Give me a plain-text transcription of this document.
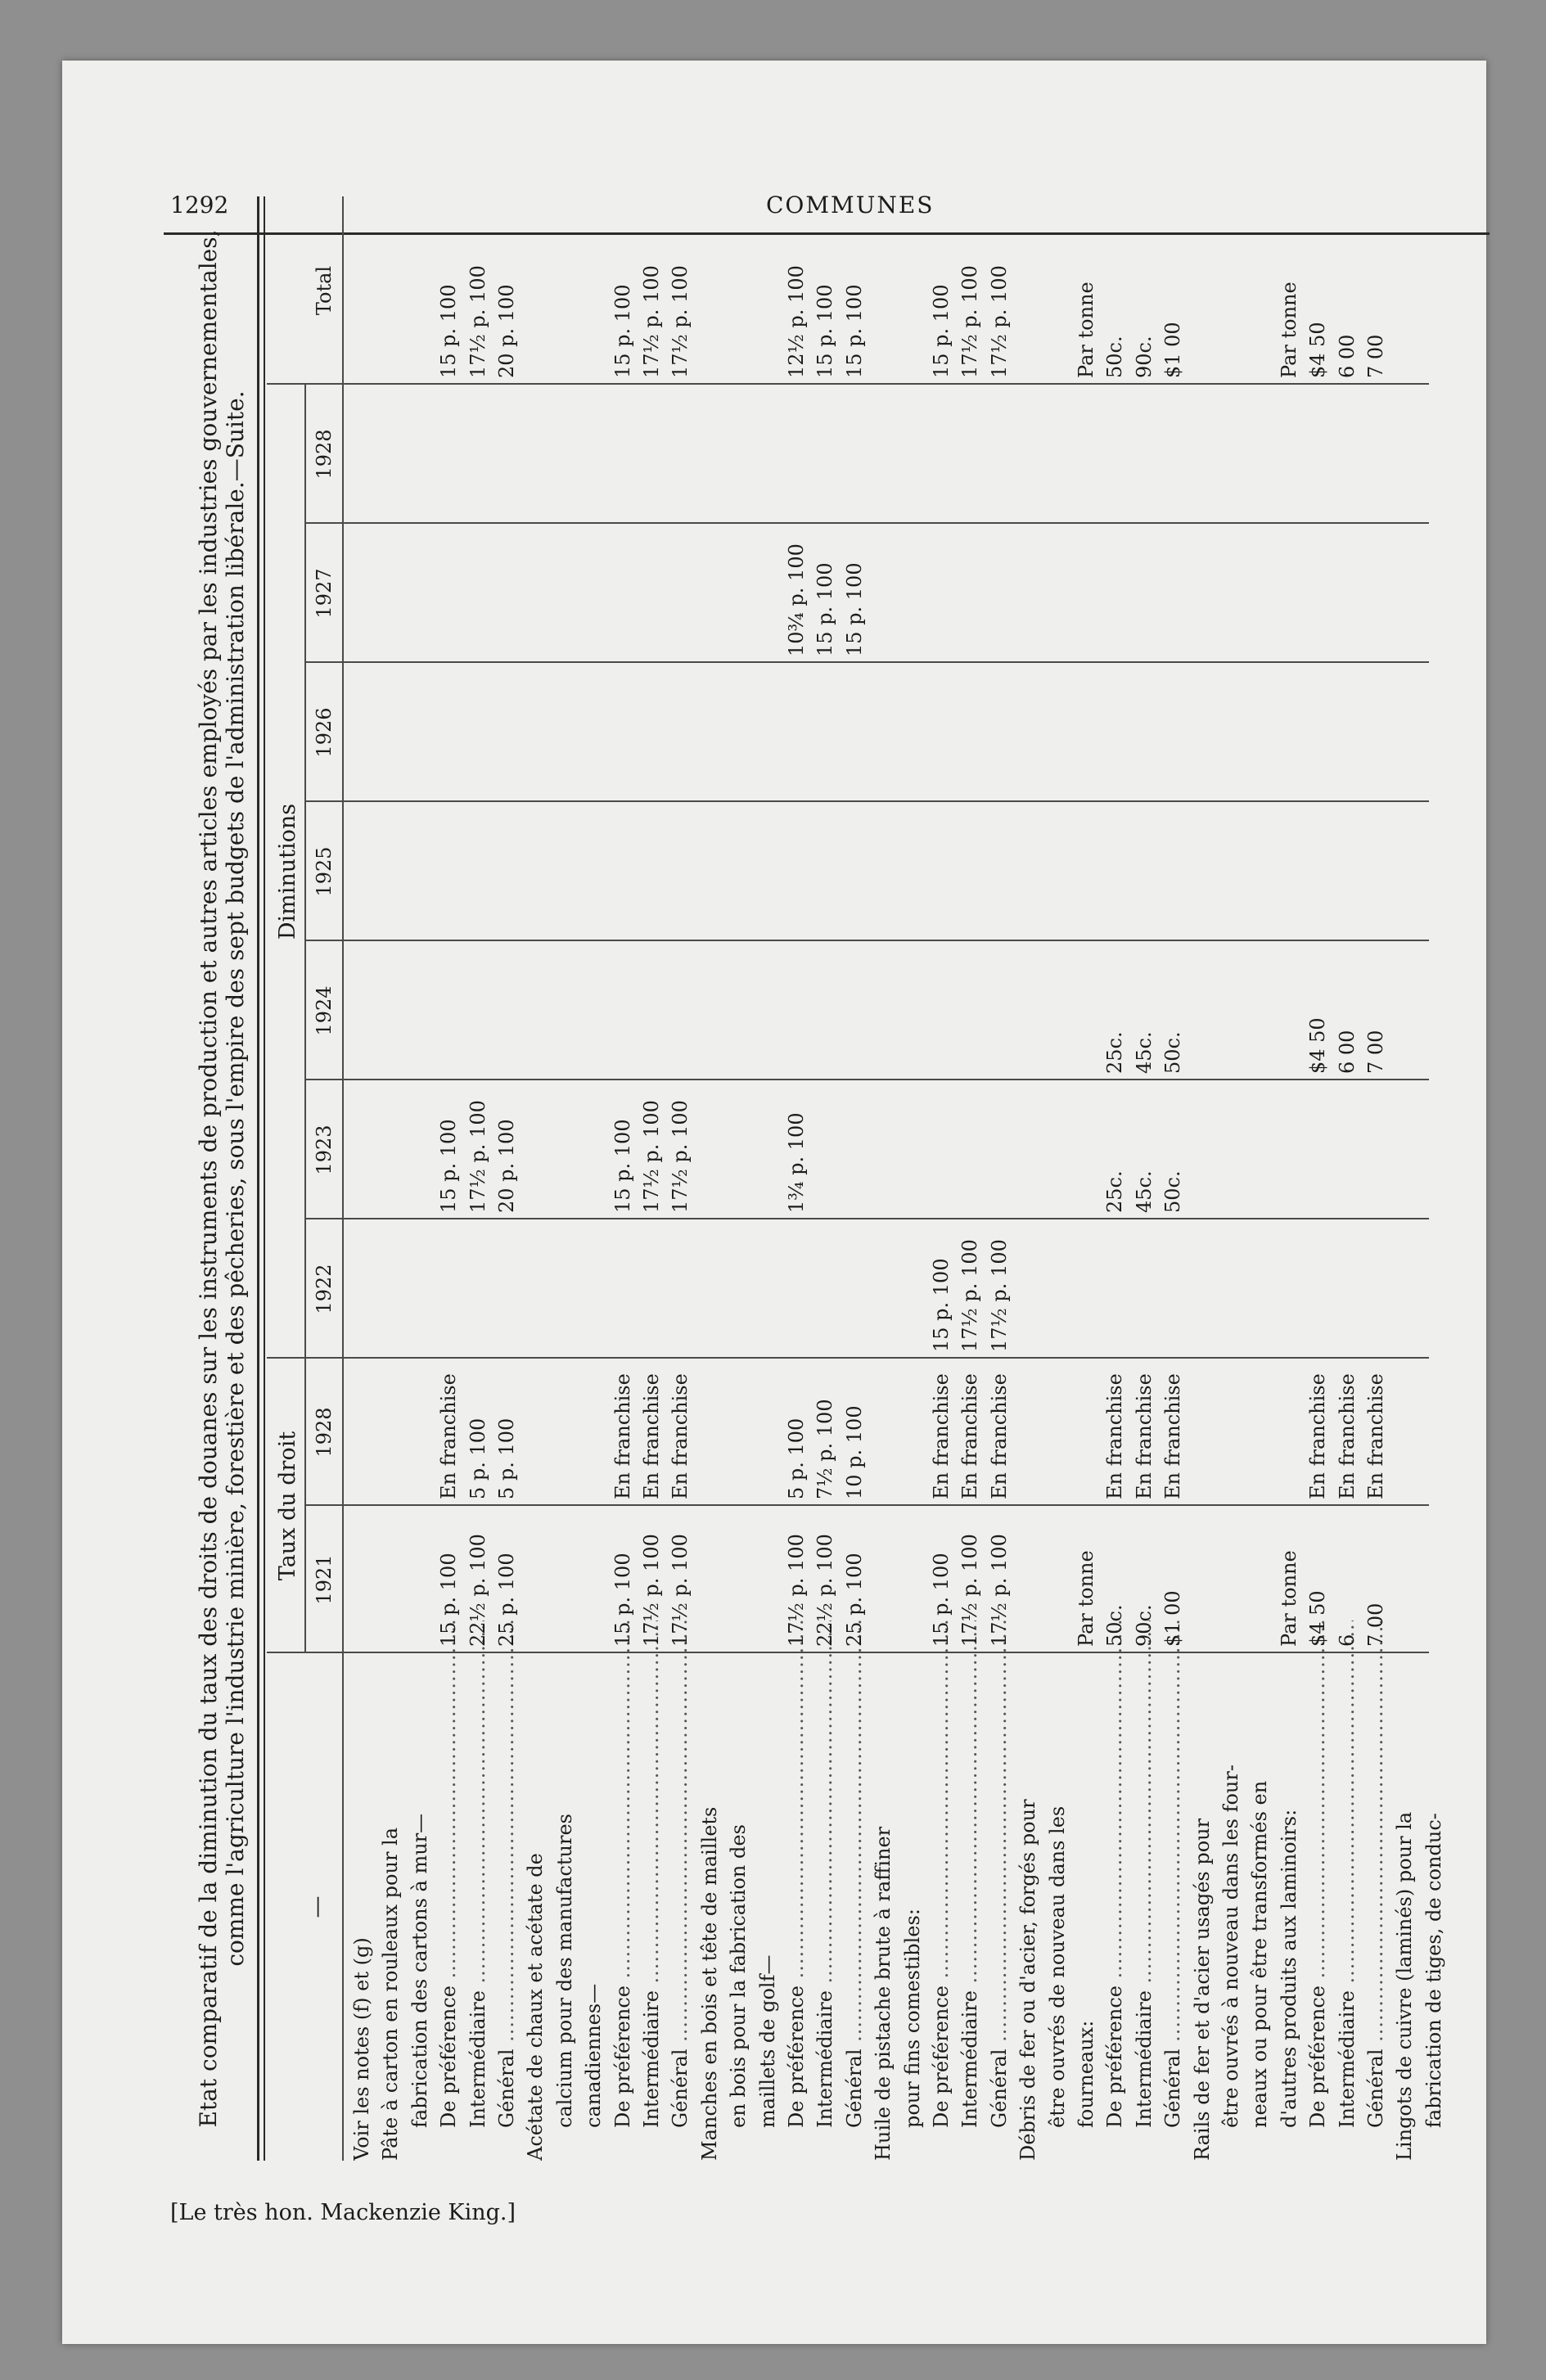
1292	COMMUNES
[Le très hon. Mackenzie King.]
Etat comparatif de la diminution du taux des droits de douanes sur les instruments de production et autres articles employés par les industries gouvernementales, comme l'agriculture l'industrie minière, forestière et des pêcheries, sous l'empire des sept budgets de l'administration libérale.—Suite.	—
Taux du droit
Diminutions
1921
1928
1922
1923
1924
1925
1926
1927
1928
Total
Voir les notes (f) et (g) Pâte à carton en rouleaux pour la fabrication des cartons à mur— De préférence .....
15 p. 100
En franchise
15 p. 100
15 p. 100
Intermédiaire .....
22½ p. 100
5 p. 100
17½ p. 100
17½ p. 100
Général .....
25 p. 100
5 p. 100
20 p. 100
20 p. 100
Acétate de chaux et acétate de calcium pour des manufactures canadiennes— De préférence .....
15 p. 100
En franchise
15 p. 100
15 p. 100
Intermédiaire .....
17½ p. 100
En franchise
17½ p. 100
17½ p. 100
Général .....
17½ p. 100
En franchise
17½ p. 100
17½ p. 100
Manches en bois et tête de maillets en bois pour la fabrication des maillets de golf— De préférence .....
17½ p. 100
5 p. 100
1¾ p. 100
10¾ p. 100
12½ p. 100
Intermédiaire .....
22½ p. 100
7½ p. 100
15 p. 100
15 p. 100
Général .....
25 p. 100
10 p. 100
15 p. 100
15 p. 100
Huile de pistache brute à raffiner pour fins comestibles: De préférence .....
15 p. 100
En franchise
15 p. 100
15 p. 100
Intermédiaire .....
17½ p. 100
En franchise
17½ p. 100
17½ p. 100
Général .....
17½ p. 100
En franchise
17½ p. 100
17½ p. 100
Débris de fer ou d'acier, forgés pour être ouvrés de nouveau dans les fourneaux:
Par tonne
Par tonne
De préférence .....
50c.
En franchise
25c.
25c.
50c.
Intermédiaire .....
90c.
En franchise
45c.
45c.
90c.
Général .....
$1 00
En franchise
50c.
50c.
$1 00
Rails de fer et d'acier usagés pour être ouvrés à nouveau dans les four- neaux ou pour être transformés en d'autres produits aux laminoirs:
Par tonne
Par tonne
De préférence .....
$4 50
En franchise
$4 50
$4 50
Intermédiaire .....
6
En franchise
6 00
6 00
Général .....
7 00
En franchise
7 00
7 00
Lingots de cuivre (laminés) pour la fabrication de tiges, de conduc-
